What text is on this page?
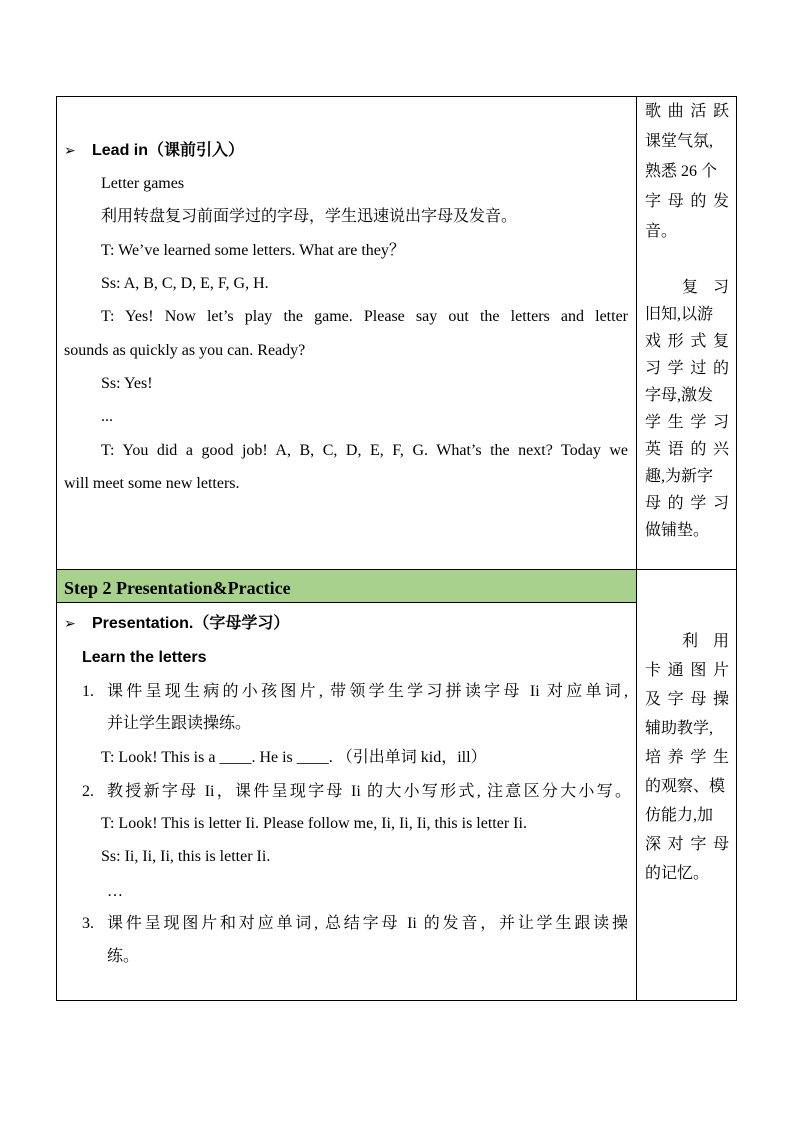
➢ Lead in（课前引入）
Letter games
利用转盘复习前面学过的字母，学生迅速说出字母及发音。
T: We’ve learned some letters. What are they？
Ss: A, B, C, D, E, F, G, H.
T: Yes! Now let’s play the game. Please say out the letters and letter
sounds as quickly as you can. Ready?
Ss: Yes!
...
T: You did a good job! A, B, C, D, E, F, G. What’s the next? Today we
will meet some new letters.
歌 曲 活 跃
课堂气氛,
熟悉 26 个
字 母 的 发
音。
复 习
旧知,以游
戏 形 式 复
习 学 过 的
字母,激发
学 生 学 习
英 语 的 兴
趣,为新字
母 的 学 习
做铺垫。
Step 2 Presentation&Practice
➢ Presentation.（字母学习）
Learn the letters
1. 课件呈现生病的小孩图片, 带领学生学习拼读字母 Ii 对应单词,
并让学生跟读操练。
T: Look! This is a ____. He is ____. （引出单词 kid，ill）
2. 教授新字母 Ii，课件呈现字母 Ii 的大小写形式, 注意区分大小写。
T: Look! This is letter Ii. Please follow me, Ii, Ii, Ii, this is letter Ii.
Ss: Ii, Ii, Ii, this is letter Ii.
…
3. 课件呈现图片和对应单词, 总结字母 Ii 的发音，并让学生跟读操
练。
利 用
卡 通 图 片
及 字 母 操
辅助教学,
培 养 学 生
的观察、模
仿能力,加
深 对 字 母
的记忆。
